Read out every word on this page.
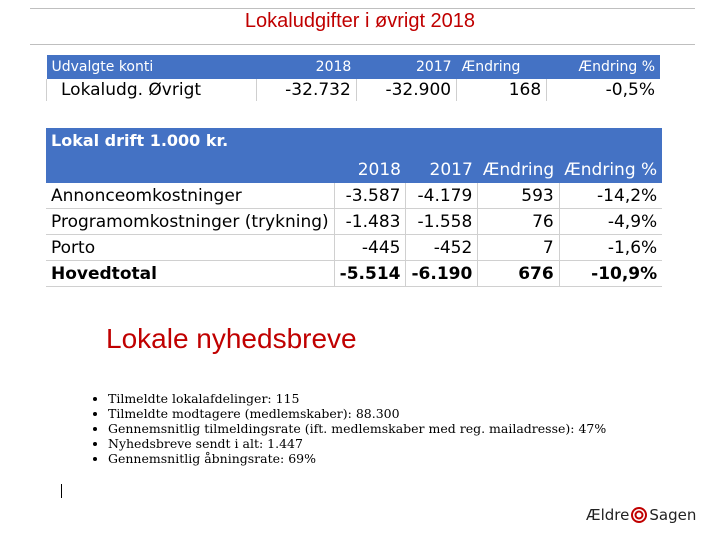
Lokaludgifter i øvrigt 2018
Udvalgte konti	2018	2017	Ændring	Ændring %
Lokaludg. Øvrigt	-32.732	-32.900	168	-0,5%
Lokal drift 1.000 kr.				
	2018	2017	Ændring	Ændring %
Annonceomkostninger	-3.587	-4.179	593	-14,2%
Programomkostninger (trykning)	-1.483	-1.558	76	-4,9%
Porto	-445	-452	7	-1,6%
Hovedtotal	-5.514	-6.190	676	-10,9%
Lokale nyhedsbreve
• Tilmeldte lokalafdelinger: 115
• Tilmeldte modtagere (medlemskaber): 88.300
• Gennemsnitlig tilmeldingsrate (ift. medlemskaber med reg. mailadresse): 47%
• Nyhedsbreve sendt i alt: 1.447
• Gennemsnitlig åbningsrate: 69%
Ældre Sagen
